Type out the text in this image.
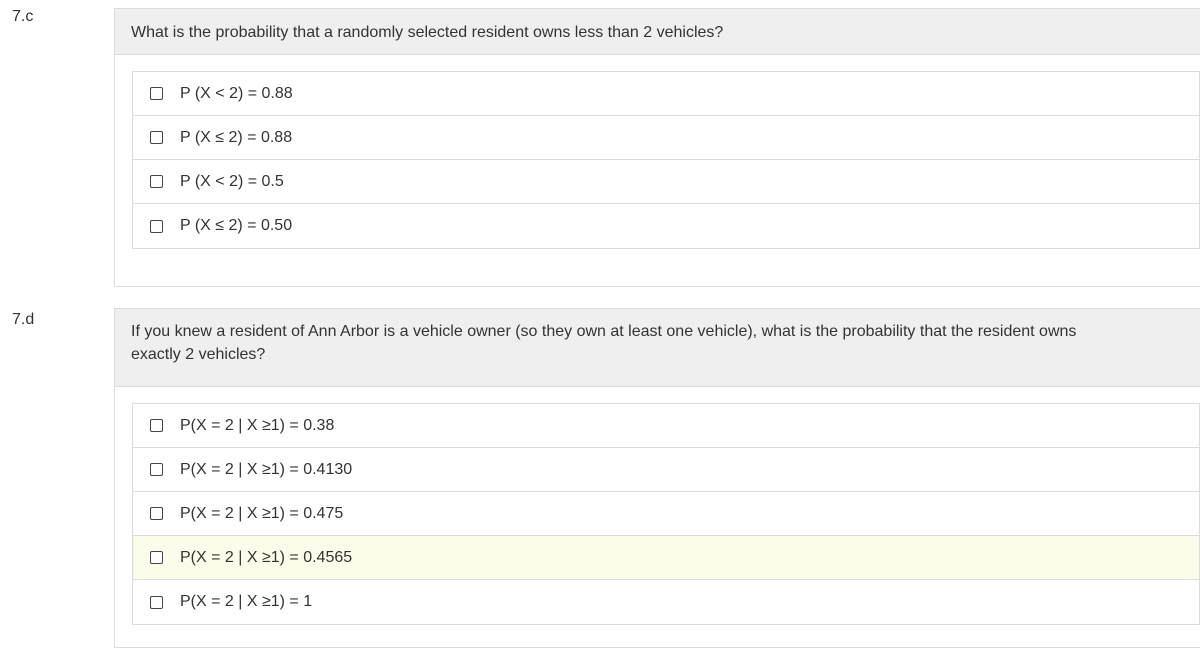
7.c
What is the probability that a randomly selected resident owns less than 2 vehicles?
P (X < 2) = 0.88
P (X ≤ 2) = 0.88
P (X < 2) = 0.5
P (X ≤ 2) = 0.50
7.d
If you knew a resident of Ann Arbor is a vehicle owner (so they own at least one vehicle), what is the probability that the resident owns exactly 2 vehicles?
P(X = 2 | X ≥1) = 0.38
P(X = 2 | X ≥1) = 0.4130
P(X = 2 | X ≥1) = 0.475
P(X = 2 | X ≥1) = 0.4565
P(X = 2 | X ≥1) = 1
